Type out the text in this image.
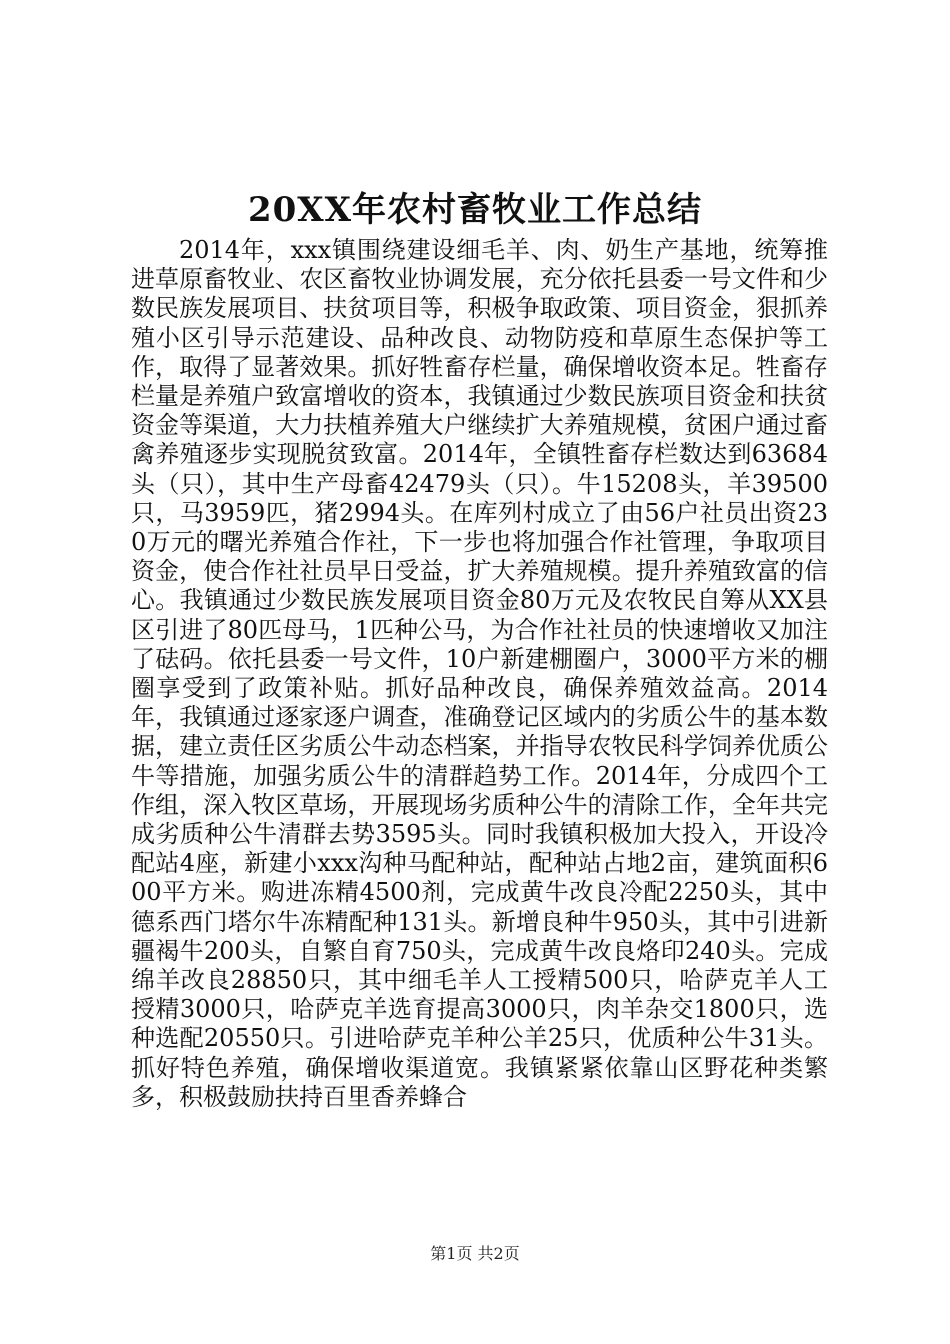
20XX年农村畜牧业工作总结

2014年，xxx镇围绕建设细毛羊、肉、奶生产基地，统筹推进草原畜牧业、农区畜牧业协调发展，充分依托县委一号文件和少数民族发展项目、扶贫项目等，积极争取政策、项目资金，狠抓养殖小区引导示范建设、品种改良、动物防疫和草原生态保护等工作，取得了显著效果。抓好牲畜存栏量，确保增收资本足。牲畜存栏量是养殖户致富增收的资本，我镇通过少数民族项目资金和扶贫资金等渠道，大力扶植养殖大户继续扩大养殖规模，贫困户通过畜禽养殖逐步实现脱贫致富。2014年，全镇牲畜存栏数达到63684头（只），其中生产母畜42479头（只）。牛15208头，羊39500只，马3959匹，猪2994头。在库列村成立了由56户社员出资230万元的曙光养殖合作社，下一步也将加强合作社管理，争取项目资金，使合作社社员早日受益，扩大养殖规模。提升养殖致富的信心。我镇通过少数民族发展项目资金80万元及农牧民自筹从XX县区引进了80匹母马，1匹种公马，为合作社社员的快速增收又加注了砝码。依托县委一号文件，10户新建棚圈户，3000平方米的棚圈享受到了政策补贴。抓好品种改良，确保养殖效益高。2014年，我镇通过逐家逐户调查，准确登记区域内的劣质公牛的基本数据，建立责任区劣质公牛动态档案，并指导农牧民科学饲养优质公牛等措施，加强劣质公牛的清群趋势工作。2014年，分成四个工作组，深入牧区草场，开展现场劣质种公牛的清除工作，全年共完成劣质种公牛清群去势3595头。同时我镇积极加大投入，开设冷配站4座，新建小xxx沟种马配种站，配种站占地2亩，建筑面积600平方米。购进冻精4500剂，完成黄牛改良冷配2250头，其中德系西门塔尔牛冻精配种131头。新增良种牛950头，其中引进新疆褐牛200头，自繁自育750头，完成黄牛改良烙印240头。完成绵羊改良28850只，其中细毛羊人工授精500只，哈萨克羊人工授精3000只，哈萨克羊选育提高3000只，肉羊杂交1800只，选种选配20550只。引进哈萨克羊种公羊25只，优质种公牛31头。抓好特色养殖，确保增收渠道宽。我镇紧紧依靠山区野花种类繁多，积极鼓励扶持百里香养蜂合

第1页 共2页
